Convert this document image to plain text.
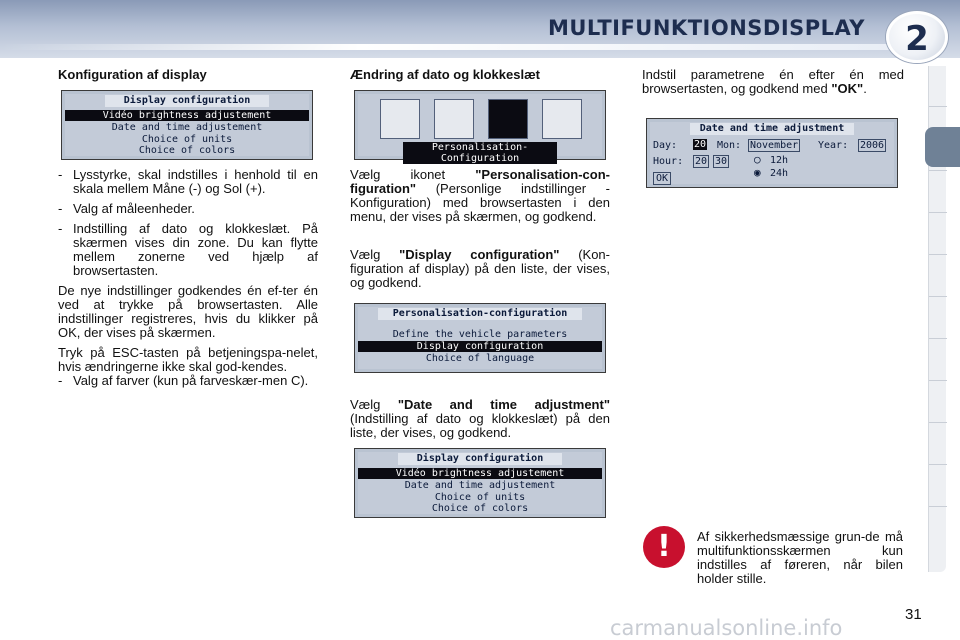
MULTIFUNKTIONSDISPLAY	2
Konfiguration af display
Display configuration
Vidéo brightness adjustement
Date and time adjustement
Choice of units
Choice of colors
- Lysstyrke, skal indstilles i henhold til en skala mellem Måne (-) og Sol (+).
- Valg af måleenheder.
- Indstilling af dato og klokkeslæt. På skærmen vises din zone. Du kan flytte mellem zonerne ved hjælp af browsertasten.
De nye indstillinger godkendes én ef-ter én ved at trykke på browsertasten. Alle indstillinger registreres, hvis du klikker på OK, der vises på skærmen.
Tryk på ESC-tasten på betjeningspa-nelet, hvis ændringerne ikke skal god-kendes.
- Valg af farver (kun på farveskær-men C).
Ændring af dato og klokkeslæt
Personalisation-Configuration
Vælg ikonet "Personalisation-con-figuration" (Personlige indstillinger - Konfiguration) med browsertasten i den menu, der vises på skærmen, og godkend.
Vælg "Display configuration" (Kon-figuration af display) på den liste, der vises, og godkend.
Personalisation-configuration
Define the vehicle parameters
Display configuration
Choice of language
Vælg "Date and time adjustment" (Indstilling af dato og klokkeslæt) på den liste, der vises, og godkend.
Display configuration
Vidéo brightness adjustement
Date and time adjustement
Choice of units
Choice of colors
Indstil parametrene én efter én med browsertasten, og godkend med "OK".
Date and time adjustment
Day: 20 Mon: November Year: 2006
Hour: 20 30 ○ 12h
◉ 24h
OK
!	Af sikkerhedsmæssige grun-de må multifunktionsskærmen kun indstilles af føreren, når bilen holder stille.
carmanualsonline.info
31
